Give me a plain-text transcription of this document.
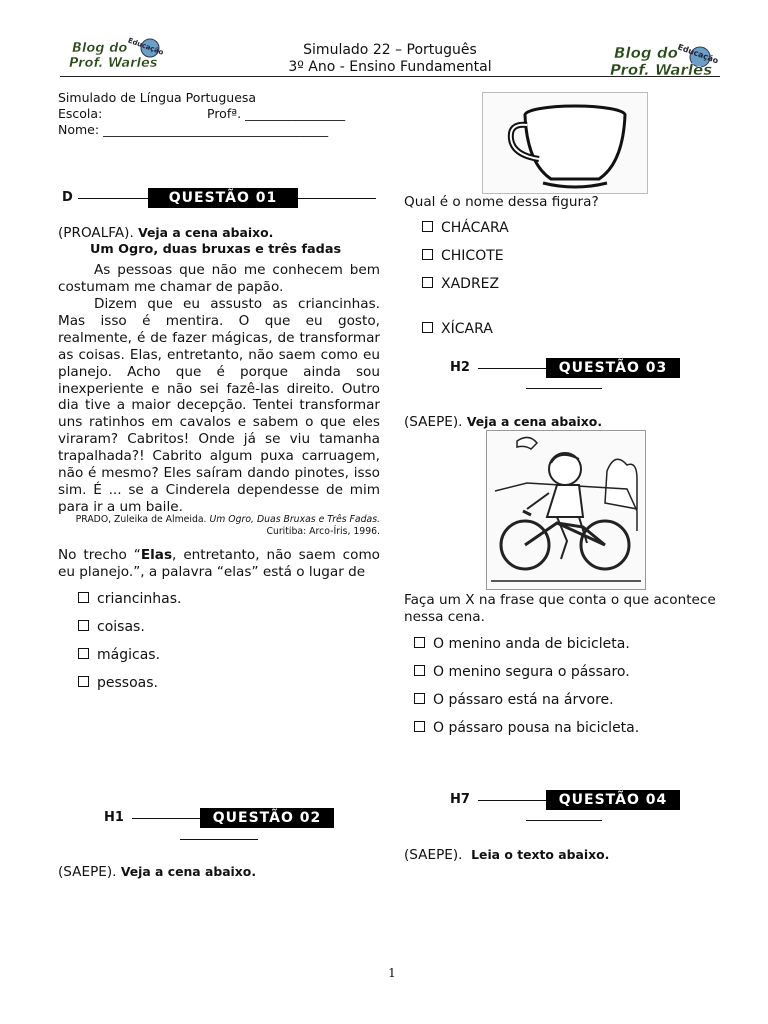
Blog do
Prof. Warles
Educação	Blog do
Prof. Warles
Educação
Simulado 22 – Português
3º Ano - Ensino Fundamental
Simulado de Língua Portuguesa
Escola:	Profª. ________________
Nome: ____________________________________
D	QUESTÃO 01
(PROALFA). Veja a cena abaixo.
Um Ogro, duas bruxas e três fadas
As pessoas que não me conhecem bem costumam me chamar de papão.
Dizem que eu assusto as criancinhas. Mas isso é mentira. O que eu gosto, realmente, é de fazer mágicas, de transformar as coisas. Elas, entretanto, não saem como eu planejo. Acho que é porque ainda sou inexperiente e não sei fazê-las direito. Outro dia tive a maior decepção. Tentei transformar uns ratinhos em cavalos e sabem o que eles viraram? Cabritos! Onde já se viu tamanha trapalhada?! Cabrito algum puxa carruagem, não é mesmo? Eles saíram dando pinotes, isso sim. É ... se a Cinderela dependesse de mim para ir a um baile.
PRADO, Zuleika de Almeida. Um Ogro, Duas Bruxas e Três Fadas.
Curitiba: Arco-Íris, 1996.
No trecho “Elas, entretanto, não saem como eu planejo.”, a palavra “elas” está o lugar de
criancinhas.
coisas.
mágicas.
pessoas.
H1	QUESTÃO 02
(SAEPE). Veja a cena abaixo.
Qual é o nome dessa figura?
CHÁCARA
CHICOTE
XADREZ
XÍCARA
H2	QUESTÃO 03
(SAEPE). Veja a cena abaixo.
Faça um X na frase que conta o que acontece nessa cena.
O menino anda de bicicleta.
O menino segura o pássaro.
O pássaro está na árvore.
O pássaro pousa na bicicleta.
H7	QUESTÃO 04
(SAEPE). Leia o texto abaixo.
1
